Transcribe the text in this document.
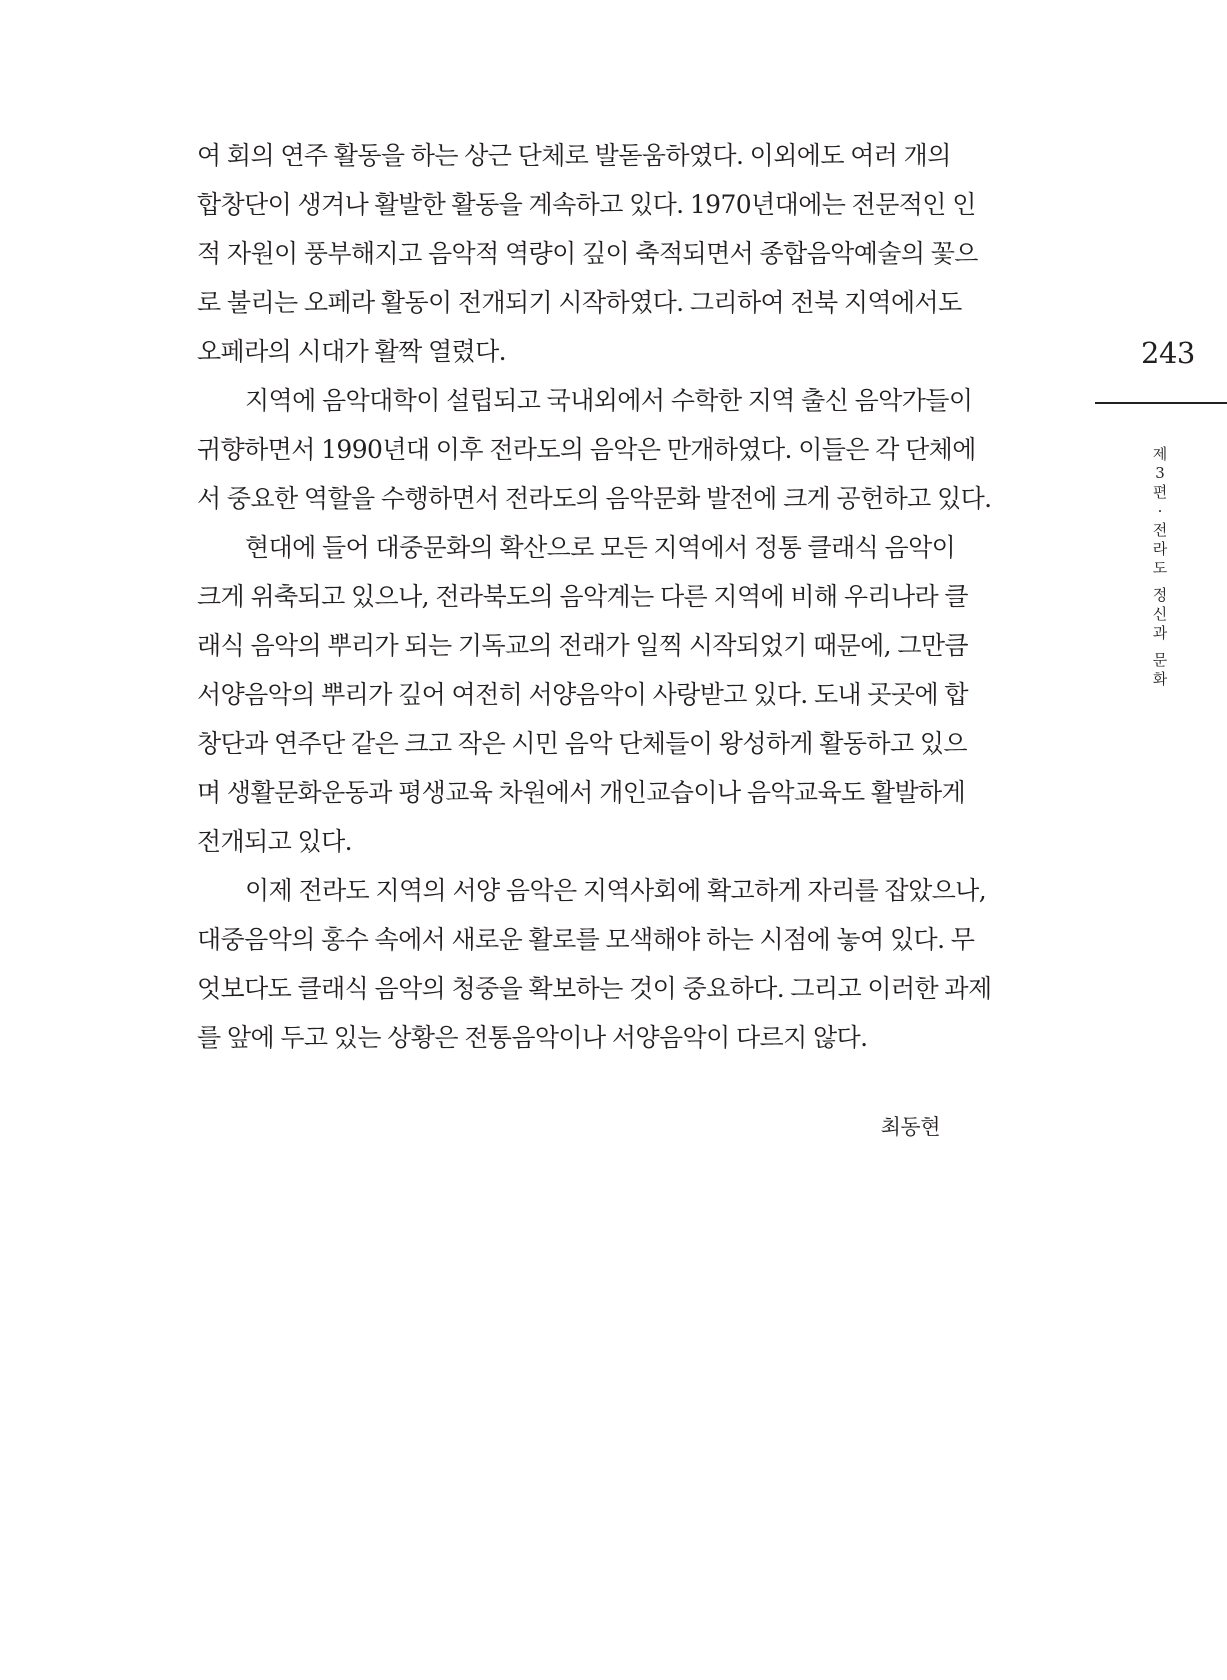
여 회의 연주 활동을 하는 상근 단체로 발돋움하였다. 이외에도 여러 개의
합창단이 생겨나 활발한 활동을 계속하고 있다. 1970년대에는 전문적인 인
적 자원이 풍부해지고 음악적 역량이 깊이 축적되면서 종합음악예술의 꽃으
로 불리는 오페라 활동이 전개되기 시작하였다. 그리하여 전북 지역에서도
오페라의 시대가 활짝 열렸다.

지역에 음악대학이 설립되고 국내외에서 수학한 지역 출신 음악가들이
귀향하면서 1990년대 이후 전라도의 음악은 만개하였다. 이들은 각 단체에
서 중요한 역할을 수행하면서 전라도의 음악문화 발전에 크게 공헌하고 있다.

현대에 들어 대중문화의 확산으로 모든 지역에서 정통 클래식 음악이
크게 위축되고 있으나, 전라북도의 음악계는 다른 지역에 비해 우리나라 클
래식 음악의 뿌리가 되는 기독교의 전래가 일찍 시작되었기 때문에, 그만큼
서양음악의 뿌리가 깊어 여전히 서양음악이 사랑받고 있다. 도내 곳곳에 합
창단과 연주단 같은 크고 작은 시민 음악 단체들이 왕성하게 활동하고 있으
며 생활문화운동과 평생교육 차원에서 개인교습이나 음악교육도 활발하게
전개되고 있다.

이제 전라도 지역의 서양 음악은 지역사회에 확고하게 자리를 잡았으나,
대중음악의 홍수 속에서 새로운 활로를 모색해야 하는 시점에 놓여 있다. 무
엇보다도 클래식 음악의 청중을 확보하는 것이 중요하다. 그리고 이러한 과제
를 앞에 두고 있는 상황은 전통음악이나 서양음악이 다르지 않다.

최동현
243
제
3
편
·
전
라
도
정
신
과
문
화
